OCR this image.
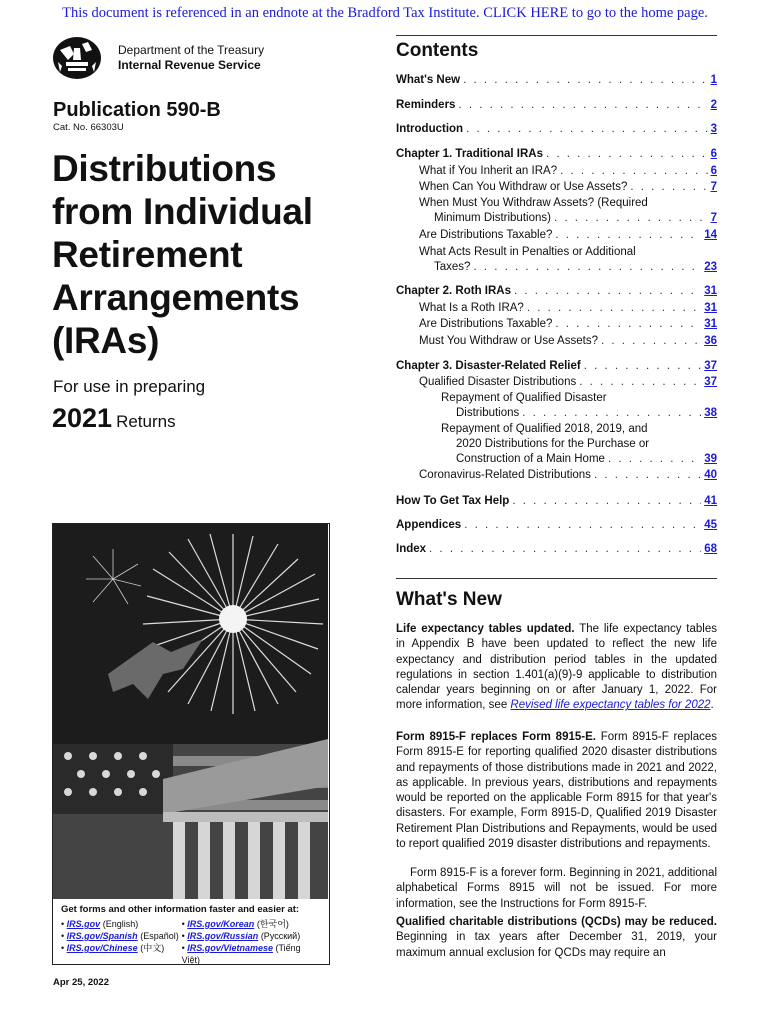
This document is referenced in an endnote at the Bradford Tax Institute. CLICK HERE to go to the home page.
Department of the Treasury
Internal Revenue Service
Publication 590-B
Cat. No. 66303U
Distributions
from Individual
Retirement
Arrangements
(IRAs)
For use in preparing
2021 Returns
Get forms and other information faster and easier at:
• IRS.gov (English)
• IRS.gov/Spanish (Español)
• IRS.gov/Chinese (中文)
• IRS.gov/Korean (한국어)
• IRS.gov/Russian (Pусский)
• IRS.gov/Vietnamese (Tiếng Việt)
Apr 25, 2022
Contents
What's New . . .	1
Reminders . . .	2
Introduction . . .	3
Chapter 1. Traditional IRAs . . .	6
What if You Inherit an IRA? . . .	6
When Can You Withdraw or Use Assets? . . .	7
When Must You Withdraw Assets? (Required
Minimum Distributions) . . .	7
Are Distributions Taxable? . . .	14
What Acts Result in Penalties or Additional
Taxes? . . .	23
Chapter 2. Roth IRAs . . .	31
What Is a Roth IRA? . . .	31
Are Distributions Taxable? . . .	31
Must You Withdraw or Use Assets? . . .	36
Chapter 3. Disaster-Related Relief . . .	37
Qualified Disaster Distributions . . .	37
Repayment of Qualified Disaster
Distributions . . .	38
Repayment of Qualified 2018, 2019, and
2020 Distributions for the Purchase or
Construction of a Main Home . . .	39
Coronavirus-Related Distributions . . .	40
How To Get Tax Help . . .	41
Appendices . . .	45
Index . . .	68
What's New
Life expectancy tables updated. The life expectancy tables in Appendix B have been updated to reflect the new life expectancy and distribution period tables in the updated regulations in section 1.401(a)(9)-9 applicable to distribution calendar years beginning on or after January 1, 2022. For more information, see Revised life expectancy tables for 2022.
Form 8915-F replaces Form 8915-E. Form 8915-F replaces Form 8915-E for reporting qualified 2020 disaster distributions and repayments of those distributions made in 2021 and 2022, as applicable. In previous years, distributions and repayments would be reported on the applicable Form 8915 for that year's disasters. For example, Form 8915-D, Qualified 2019 Disaster Retirement Plan Distributions and Repayments, would be used to report qualified 2019 disaster distributions and repayments.
Form 8915-F is a forever form. Beginning in 2021, additional alphabetical Forms 8915 will not be issued. For more information, see the Instructions for Form 8915-F.
Qualified charitable distributions (QCDs) may be reduced. Beginning in tax years after December 31, 2019, your maximum annual exclusion for QCDs may require an
